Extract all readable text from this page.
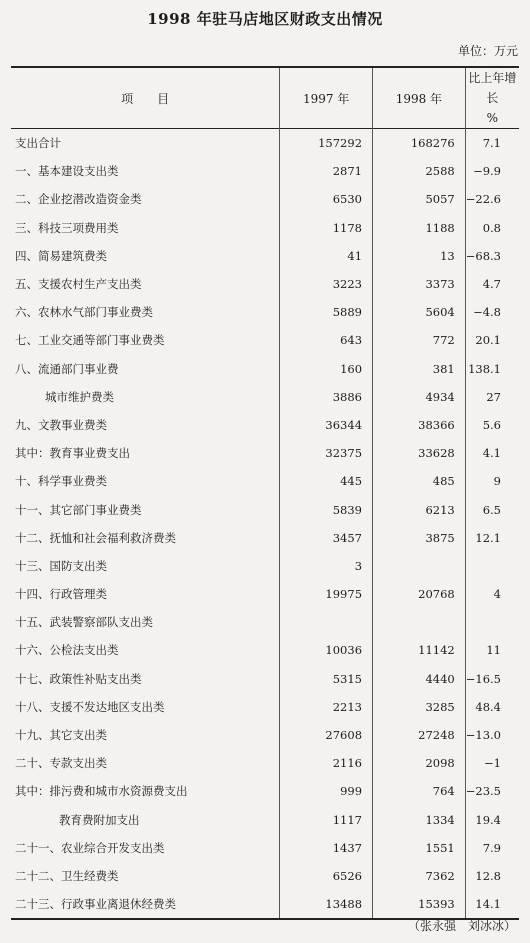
1998 年驻马店地区财政支出情况
单位：万元
项　　目	1997 年	1998 年	比上年增长
%
支出合计	157292	168276	7.1
一、基本建设支出类	2871	2588	−9.9
二、企业挖潜改造资金类	6530	5057	−22.6
三、科技三项费用类	1178	1188	0.8
四、简易建筑费类	41	13	−68.3
五、支援农村生产支出类	3223	3373	4.7
六、农林水气部门事业费类	5889	5604	−4.8
七、工业交通等部门事业费类	643	772	20.1
八、流通部门事业费	160	381	138.1
城市维护费类	3886	4934	27
九、文教事业费类	36344	38366	5.6
其中：教育事业费支出	32375	33628	4.1
十、科学事业费类	445	485	9
十一、其它部门事业费类	5839	6213	6.5
十二、抚恤和社会福利救济费类	3457	3875	12.1
十三、国防支出类	3		
十四、行政管理类	19975	20768	4
十五、武装警察部队支出类			
十六、公检法支出类	10036	11142	11
十七、政策性补贴支出类	5315	4440	−16.5
十八、支援不发达地区支出类	2213	3285	48.4
十九、其它支出类	27608	27248	−13.0
二十、专款支出类	2116	2098	−1
其中：排污费和城市水资源费支出	999	764	−23.5
教育费附加支出	1117	1334	19.4
二十一、农业综合开发支出类	1437	1551	7.9
二十二、卫生经费类	6526	7362	12.8
二十三、行政事业离退休经费类	13488	15393	14.1
（张永强　刘冰冰）
